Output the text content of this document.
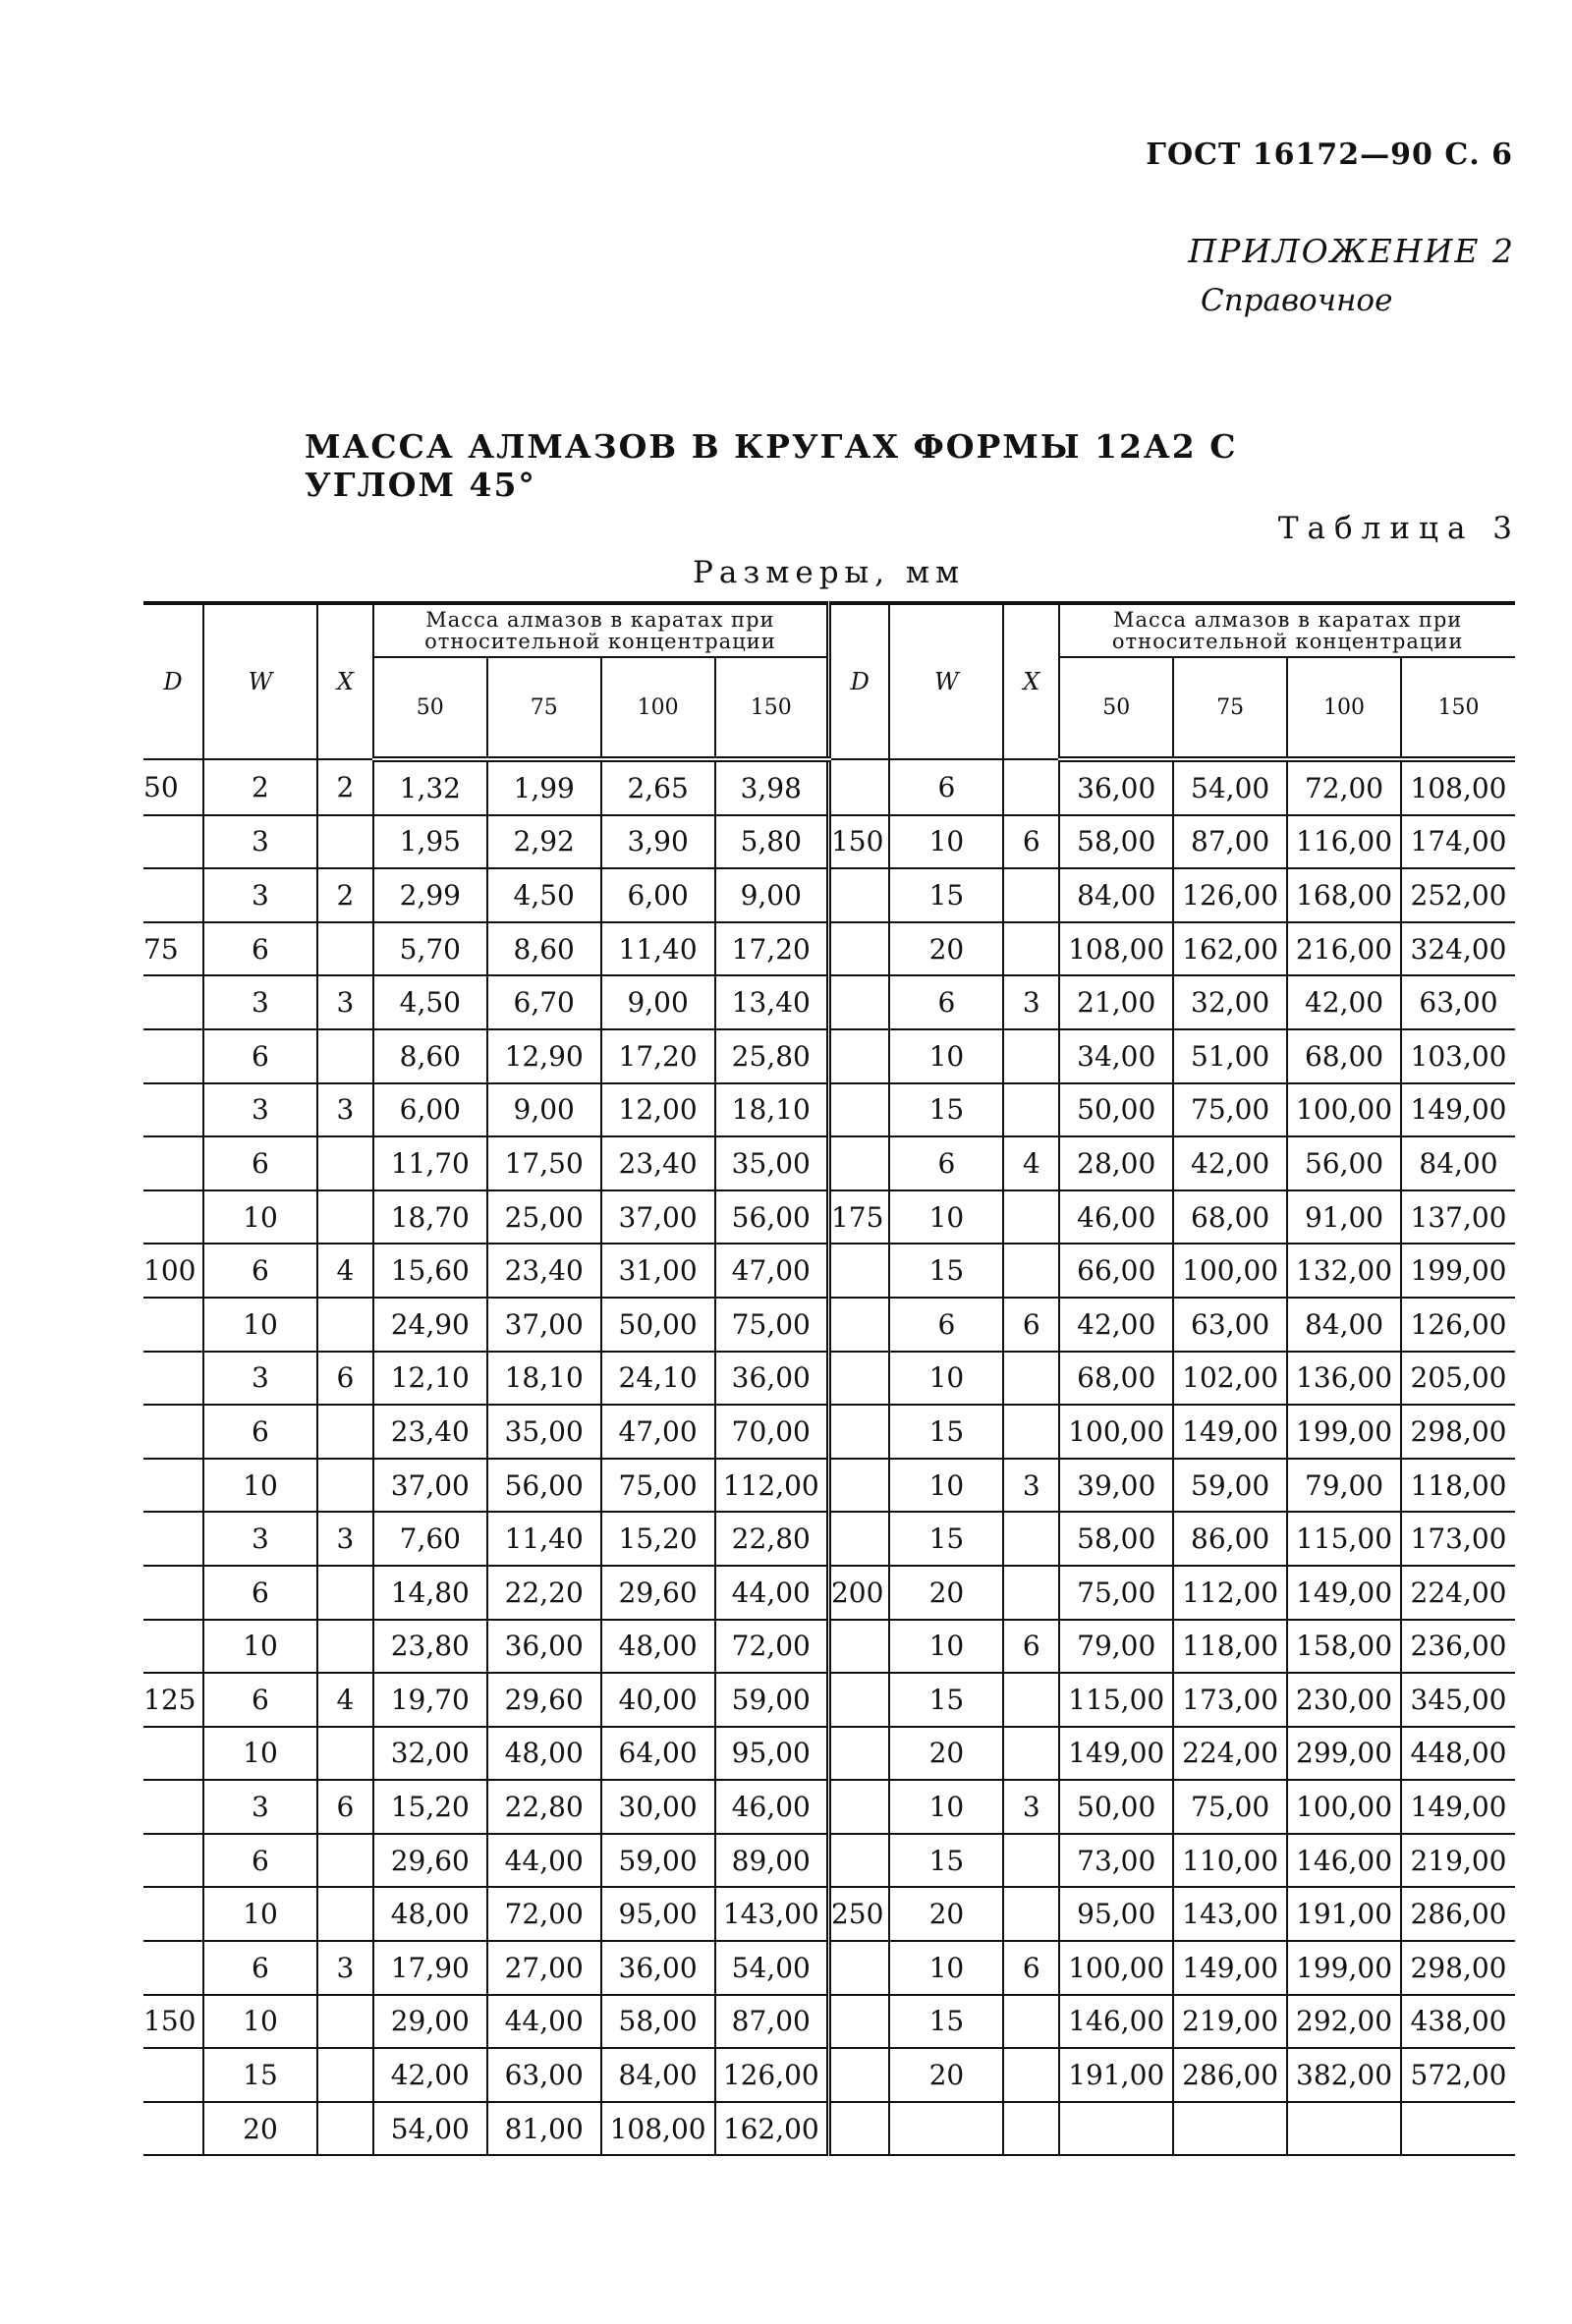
ГОСТ 16172—90 С. 6
ПРИЛОЖЕНИЕ 2
Справочное
МАССА АЛМАЗОВ В КРУГАХ ФОРМЫ 12А2 С УГЛОМ 45°
Таблица 3
Размеры, мм
D	W	X	Масса алмазов в каратах при относительной концентрации				D	W	X	Масса алмазов в каратах при относительной концентрации			
			50	75	100	150				50	75	100	150
50	2	2	1,32	1,99	2,65	3,98		6		36,00	54,00	72,00	108,00
	3		1,95	2,92	3,90	5,80	150	10	6	58,00	87,00	116,00	174,00
	3	2	2,99	4,50	6,00	9,00		15		84,00	126,00	168,00	252,00
75	6		5,70	8,60	11,40	17,20		20		108,00	162,00	216,00	324,00
	3	3	4,50	6,70	9,00	13,40		6	3	21,00	32,00	42,00	63,00
	6		8,60	12,90	17,20	25,80		10		34,00	51,00	68,00	103,00
	3	3	6,00	9,00	12,00	18,10		15		50,00	75,00	100,00	149,00
	6		11,70	17,50	23,40	35,00		6	4	28,00	42,00	56,00	84,00
	10		18,70	25,00	37,00	56,00	175	10		46,00	68,00	91,00	137,00
100	6	4	15,60	23,40	31,00	47,00		15		66,00	100,00	132,00	199,00
	10		24,90	37,00	50,00	75,00		6	6	42,00	63,00	84,00	126,00
	3	6	12,10	18,10	24,10	36,00		10		68,00	102,00	136,00	205,00
	6		23,40	35,00	47,00	70,00		15		100,00	149,00	199,00	298,00
	10		37,00	56,00	75,00	112,00		10	3	39,00	59,00	79,00	118,00
	3	3	7,60	11,40	15,20	22,80		15		58,00	86,00	115,00	173,00
	6		14,80	22,20	29,60	44,00	200	20		75,00	112,00	149,00	224,00
	10		23,80	36,00	48,00	72,00		10	6	79,00	118,00	158,00	236,00
125	6	4	19,70	29,60	40,00	59,00		15		115,00	173,00	230,00	345,00
	10		32,00	48,00	64,00	95,00		20		149,00	224,00	299,00	448,00
	3	6	15,20	22,80	30,00	46,00		10	3	50,00	75,00	100,00	149,00
	6		29,60	44,00	59,00	89,00		15		73,00	110,00	146,00	219,00
	10		48,00	72,00	95,00	143,00	250	20		95,00	143,00	191,00	286,00
	6	3	17,90	27,00	36,00	54,00		10	6	100,00	149,00	199,00	298,00
150	10		29,00	44,00	58,00	87,00		15		146,00	219,00	292,00	438,00
	15		42,00	63,00	84,00	126,00		20		191,00	286,00	382,00	572,00
	20		54,00	81,00	108,00	162,00							
